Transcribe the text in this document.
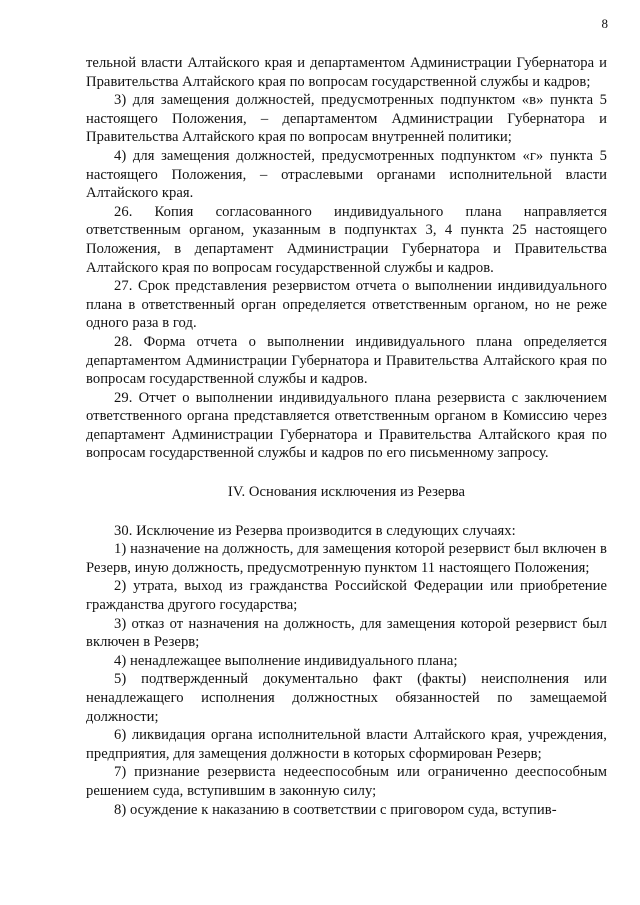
8

тельной власти Алтайского края и департаментом Администрации Губернатора и Правительства Алтайского края по вопросам государственной службы и кадров;

3) для замещения должностей, предусмотренных подпунктом «в» пункта 5 настоящего Положения, – департаментом Администрации Губернатора и Правительства Алтайского края по вопросам внутренней политики;

4) для замещения должностей, предусмотренных подпунктом «г» пункта 5 настоящего Положения, – отраслевыми органами исполнительной власти Алтайского края.

26. Копия согласованного индивидуального плана направляется ответственным органом, указанным в подпунктах 3, 4 пункта 25 настоящего Положения, в департамент Администрации Губернатора и Правительства Алтайского края по вопросам государственной службы и кадров.

27. Срок представления резервистом отчета о выполнении индивидуального плана в ответственный орган определяется ответственным органом, но не реже одного раза в год.

28. Форма отчета о выполнении индивидуального плана определяется департаментом Администрации Губернатора и Правительства Алтайского края по вопросам государственной службы и кадров.

29. Отчет о выполнении индивидуального плана резервиста с заключением ответственного органа представляется ответственным органом в Комиссию через департамент Администрации Губернатора и Правительства Алтайского края по вопросам государственной службы и кадров по его письменному запросу.

IV. Основания исключения из Резерва

30. Исключение из Резерва производится в следующих случаях:

1) назначение на должность, для замещения которой резервист был включен в Резерв, иную должность, предусмотренную пунктом 11 настоящего Положения;

2) утрата, выход из гражданства Российской Федерации или приобретение гражданства другого государства;

3) отказ от назначения на должность, для замещения которой резервист был включен в Резерв;

4) ненадлежащее выполнение индивидуального плана;

5) подтвержденный документально факт (факты) неисполнения или ненадлежащего исполнения должностных обязанностей по замещаемой должности;

6) ликвидация органа исполнительной власти Алтайского края, учреждения, предприятия, для замещения должности в которых сформирован Резерв;

7) признание резервиста недееспособным или ограниченно дееспособным решением суда, вступившим в законную силу;

8) осуждение к наказанию в соответствии с приговором суда, вступив-
